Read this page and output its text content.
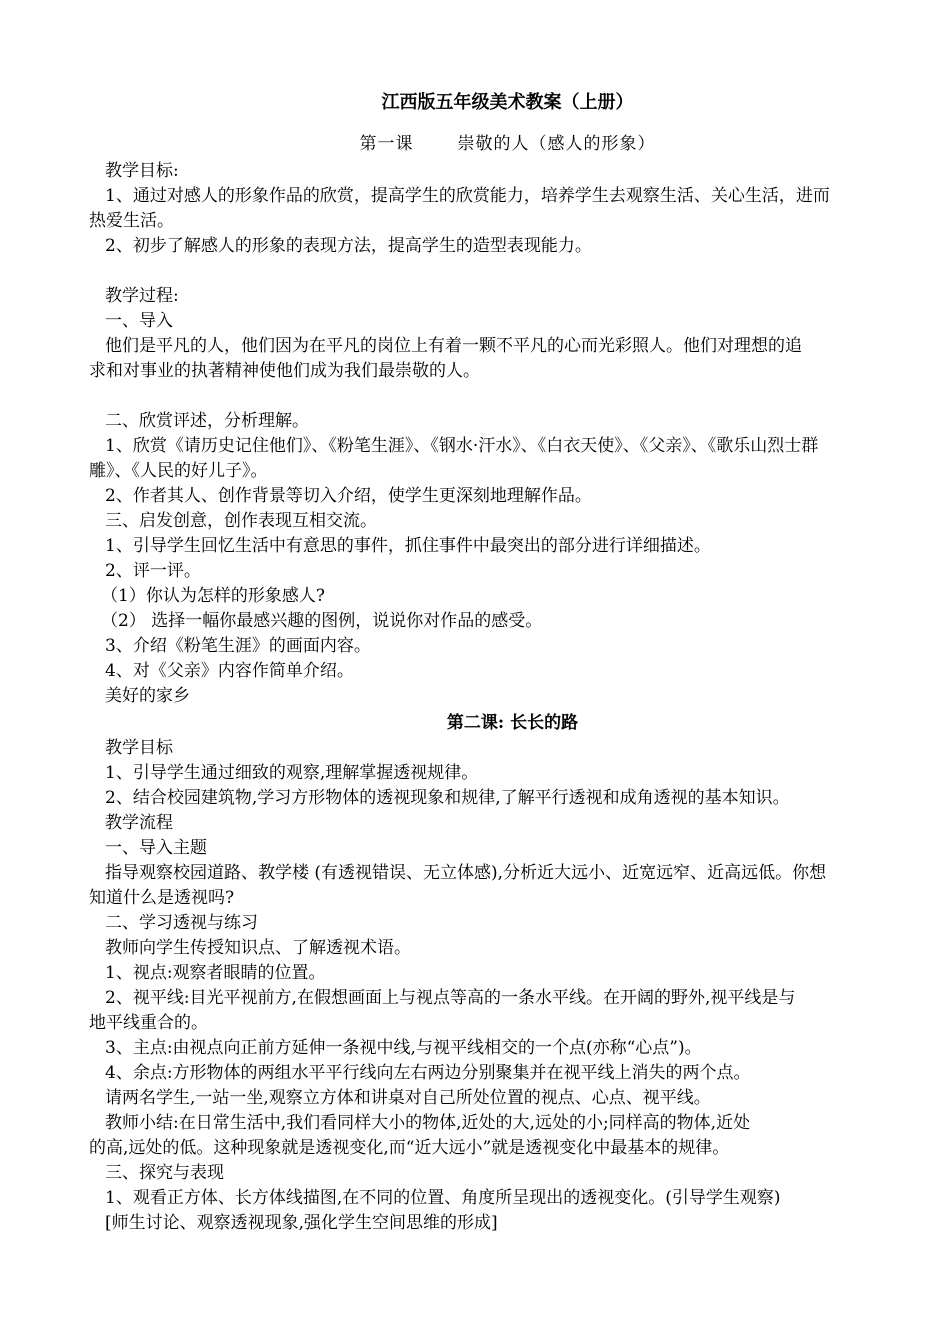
江西版五年级美术教案（上册）
第一课	崇敬的人（感人的形象）

教学目标:

1、通过对感人的形象作品的欣赏，提高学生的欣赏能力，培养学生去观察生活、关心生活，进而

热爱生活。

2、初步了解感人的形象的表现方法，提高学生的造型表现能力。

教学过程:

一、导入

他们是平凡的人，他们因为在平凡的岗位上有着一颗不平凡的心而光彩照人。他们对理想的追

求和对事业的执著精神使他们成为我们最崇敬的人。

二、欣赏评述，分析理解。

1、欣赏《请历史记住他们》、《粉笔生涯》、《钢水·汗水》、《白衣天使》、《父亲》、《歌乐山烈士群

雕》、《人民的好儿子》。

2、作者其人、创作背景等切入介绍，使学生更深刻地理解作品。

三、启发创意，创作表现互相交流。

1、引导学生回忆生活中有意思的事件，抓住事件中最突出的部分进行详细描述。

2、评一评。

（1）你认为怎样的形象感人?

（2） 选择一幅你最感兴趣的图例，说说你对作品的感受。

3、介绍《粉笔生涯》的画面内容。

4、对《父亲》内容作简单介绍。

美好的家乡

第二课: 长长的路

教学目标

1、引导学生通过细致的观察,理解掌握透视规律。

2、结合校园建筑物,学习方形物体的透视现象和规律,了解平行透视和成角透视的基本知识。

教学流程

一、导入主题

指导观察校园道路、教学楼 (有透视错误、无立体感),分析近大远小、近宽远窄、近高远低。你想

知道什么是透视吗?

二、学习透视与练习

教师向学生传授知识点、了解透视术语。

1、视点:观察者眼睛的位置。

2、视平线:目光平视前方,在假想画面上与视点等高的一条水平线。在开阔的野外,视平线是与

地平线重合的。

3、主点:由视点向正前方延伸一条视中线,与视平线相交的一个点(亦称“心点”)。

4、余点:方形物体的两组水平平行线向左右两边分别聚集并在视平线上消失的两个点。

请两名学生,一站一坐,观察立方体和讲桌对自己所处位置的视点、心点、视平线。

教师小结:在日常生活中,我们看同样大小的物体,近处的大,远处的小;同样高的物体,近处

的高,远处的低。这种现象就是透视变化,而“近大远小”就是透视变化中最基本的规律。

三、探究与表现

1、观看正方体、长方体线描图,在不同的位置、角度所呈现出的透视变化。(引导学生观察)

[师生讨论、观察透视现象,强化学生空间思维的形成]
